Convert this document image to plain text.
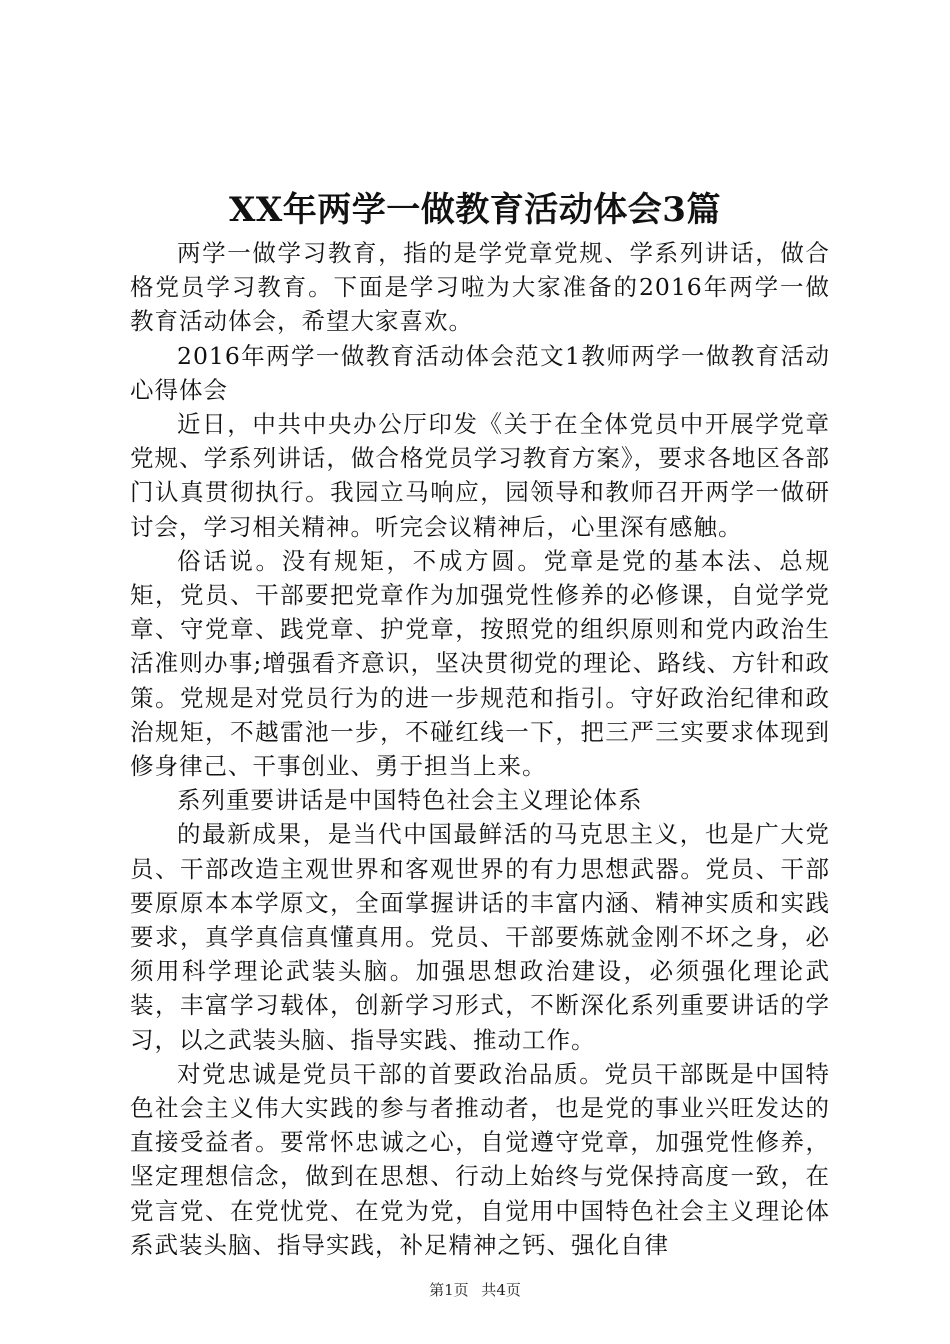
XX年两学一做教育活动体会3篇

两学一做学习教育，指的是学党章党规、学系列讲话，做合格党员学习教育。下面是学习啦为大家准备的2016年两学一做教育活动体会，希望大家喜欢。

2016年两学一做教育活动体会范文1教师两学一做教育活动心得体会

近日，中共中央办公厅印发《关于在全体党员中开展学党章党规、学系列讲话，做合格党员学习教育方案》，要求各地区各部门认真贯彻执行。我园立马响应，园领导和教师召开两学一做研讨会，学习相关精神。听完会议精神后，心里深有感触。

俗话说。没有规矩，不成方圆。党章是党的基本法、总规矩，党员、干部要把党章作为加强党性修养的必修课，自觉学党章、守党章、践党章、护党章，按照党的组织原则和党内政治生活准则办事;增强看齐意识，坚决贯彻党的理论、路线、方针和政策。党规是对党员行为的进一步规范和指引。守好政治纪律和政治规矩，不越雷池一步，不碰红线一下，把三严三实要求体现到修身律己、干事创业、勇于担当上来。

系列重要讲话是中国特色社会主义理论体系

的最新成果，是当代中国最鲜活的马克思主义，也是广大党员、干部改造主观世界和客观世界的有力思想武器。党员、干部要原原本本学原文，全面掌握讲话的丰富内涵、精神实质和实践要求，真学真信真懂真用。党员、干部要炼就金刚不坏之身，必须用科学理论武装头脑。加强思想政治建设，必须强化理论武装，丰富学习载体，创新学习形式，不断深化系列重要讲话的学习，以之武装头脑、指导实践、推动工作。

对党忠诚是党员干部的首要政治品质。党员干部既是中国特色社会主义伟大实践的参与者推动者，也是党的事业兴旺发达的直接受益者。要常怀忠诚之心，自觉遵守党章，加强党性修养，坚定理想信念，做到在思想、行动上始终与党保持高度一致，在党言党、在党忧党、在党为党，自觉用中国特色社会主义理论体系武装头脑、指导实践，补足精神之钙、强化自律

第1页 共4页
